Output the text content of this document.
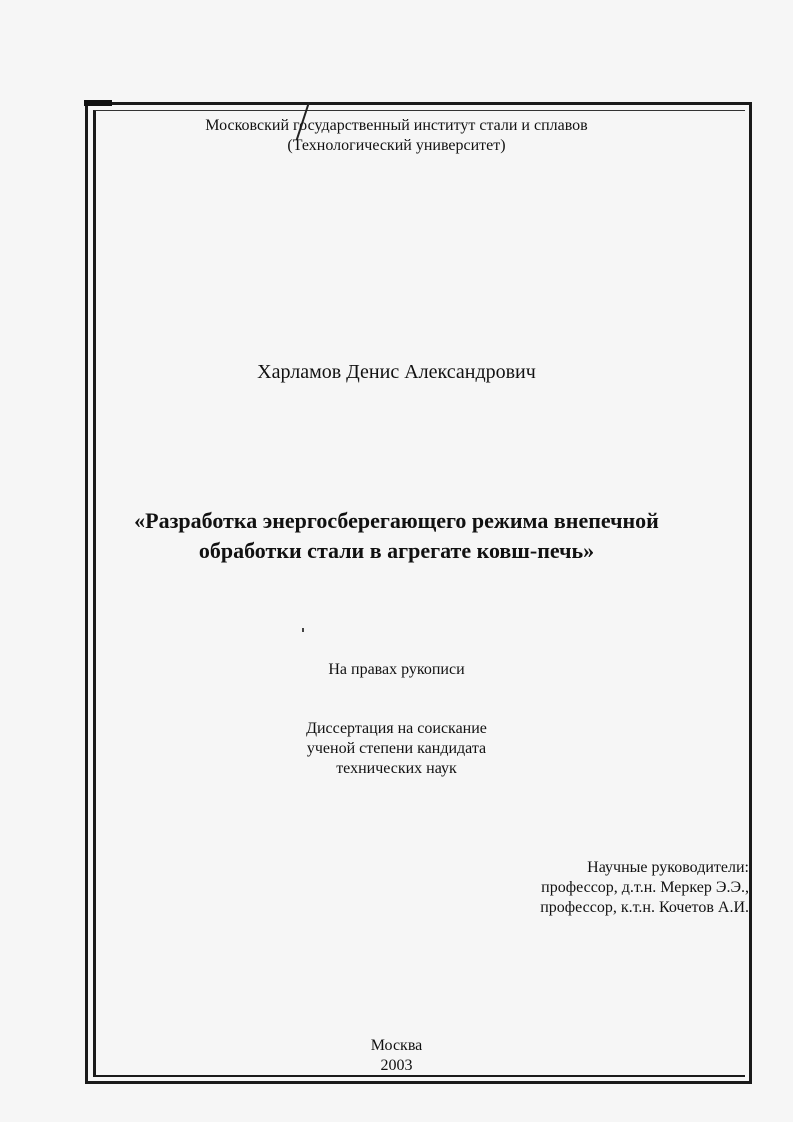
Московский государственный институт стали и сплавов
(Технологический университет)
Харламов Денис Александрович
«Разработка энергосберегающего режима внепечной
обработки стали в агрегате ковш-печь»
На правах рукописи
Диссертация на соискание
ученой степени кандидата
технических наук
Научные руководители:
профессор, д.т.н. Меркер Э.Э.,
профессор, к.т.н. Кочетов А.И.
Москва
2003
